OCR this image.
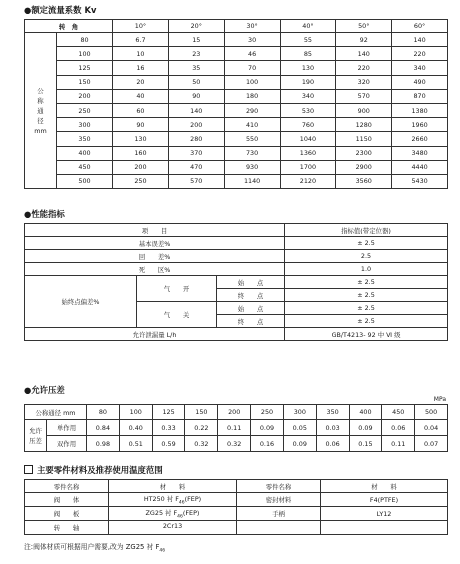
●额定流量系数 Kv
转　角		10°	20°	30°	40°	50°	60°

公
称
通
径
mm	80	6.7	15	30	55	92	140
	100	10	23	46	85	140	220
	125	16	35	70	130	220	340
	150	20	50	100	190	320	490
	200	40	90	180	340	570	870
	250	60	140	290	530	900	1380
	300	90	200	410	760	1280	1960
	350	130	280	550	1040	1150	2660
	400	160	370	730	1360	2300	3480
	450	200	470	930	1700	2900	4440
	500	250	570	1140	2120	3560	5430
●性能指标
项　　目			指标值(带定位器)
基本误差%			± 2.5
回　　差%			2.5
死　　区%			1.0
始终点偏差%	气　　开	始　　点	± 2.5
		终　　点	± 2.5
	气　　关	始　　点	± 2.5
		终　　点	± 2.5
允许泄漏量 L/h			GB/T4213- 92 中 Ⅵ 级
●允许压差
MPa
公称通径 mm		80	100	125	150	200	250	300	350	400	450	500

允许
压差	单作用	0.84	0.40	0.33	0.22	0.11	0.09	0.05	0.03	0.09	0.06	0.04
	双作用	0.98	0.51	0.59	0.32	0.32	0.16	0.09	0.06	0.15	0.11	0.07
主要零件材料及推荐使用温度范围
零件名称	材　　料	零件名称	材　　料
阀　　体	HT250 衬 $F_{46}(FEP)$	密封材料	F4(PTFE)
阀　　板	ZG25 衬 $F_{46}(FEP)$	手柄	LY12
转　　轴	2Cr13		
注:阀体材质可根据用户需要,改为 ZG25 衬 $F_{46}$
